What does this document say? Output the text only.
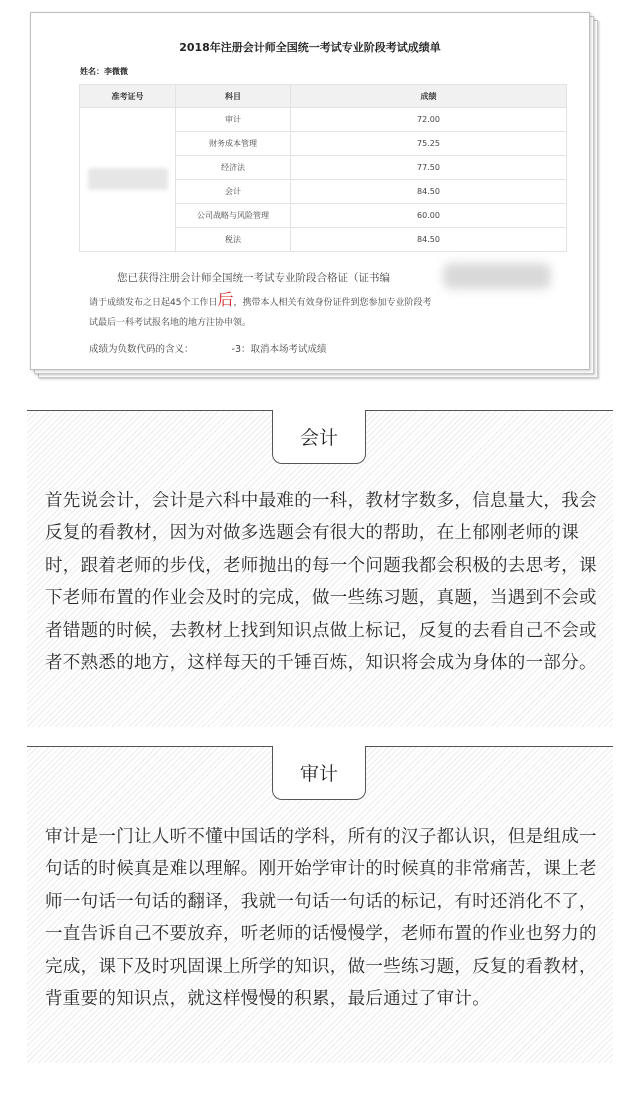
2018年注册会计师全国统一考试专业阶段考试成绩单
姓名：李微微
准考证号	科目	成绩
	审计	72.00
	财务成本管理	75.25
	经济法	77.50
	会计	84.50
	公司战略与风险管理	60.00
	税法	84.50
您已获得注册会计师全国统一考试专业阶段合格证（证书编
请于成绩发布之日起45个工作日后，携带本人相关有效身份证件到您参加专业阶段考
试最后一科考试报名地的地方注协申领。
成绩为负数代码的含义：	-3：取消本场考试成绩
会计
首先说会计，会计是六科中最难的一科，教材字数多，信息量大，我会反复的看教材，因为对做多选题会有很大的帮助，在上郁刚老师的课时，跟着老师的步伐，老师抛出的每一个问题我都会积极的去思考，课下老师布置的作业会及时的完成，做一些练习题，真题，当遇到不会或者错题的时候，去教材上找到知识点做上标记，反复的去看自己不会或者不熟悉的地方，这样每天的千锤百炼，知识将会成为身体的一部分。
审计
审计是一门让人听不懂中国话的学科，所有的汉子都认识，但是组成一句话的时候真是难以理解。刚开始学审计的时候真的非常痛苦，课上老师一句话一句话的翻译，我就一句话一句话的标记，有时还消化不了，一直告诉自己不要放弃，听老师的话慢慢学，老师布置的作业也努力的完成，课下及时巩固课上所学的知识，做一些练习题，反复的看教材，背重要的知识点，就这样慢慢的积累，最后通过了审计。
